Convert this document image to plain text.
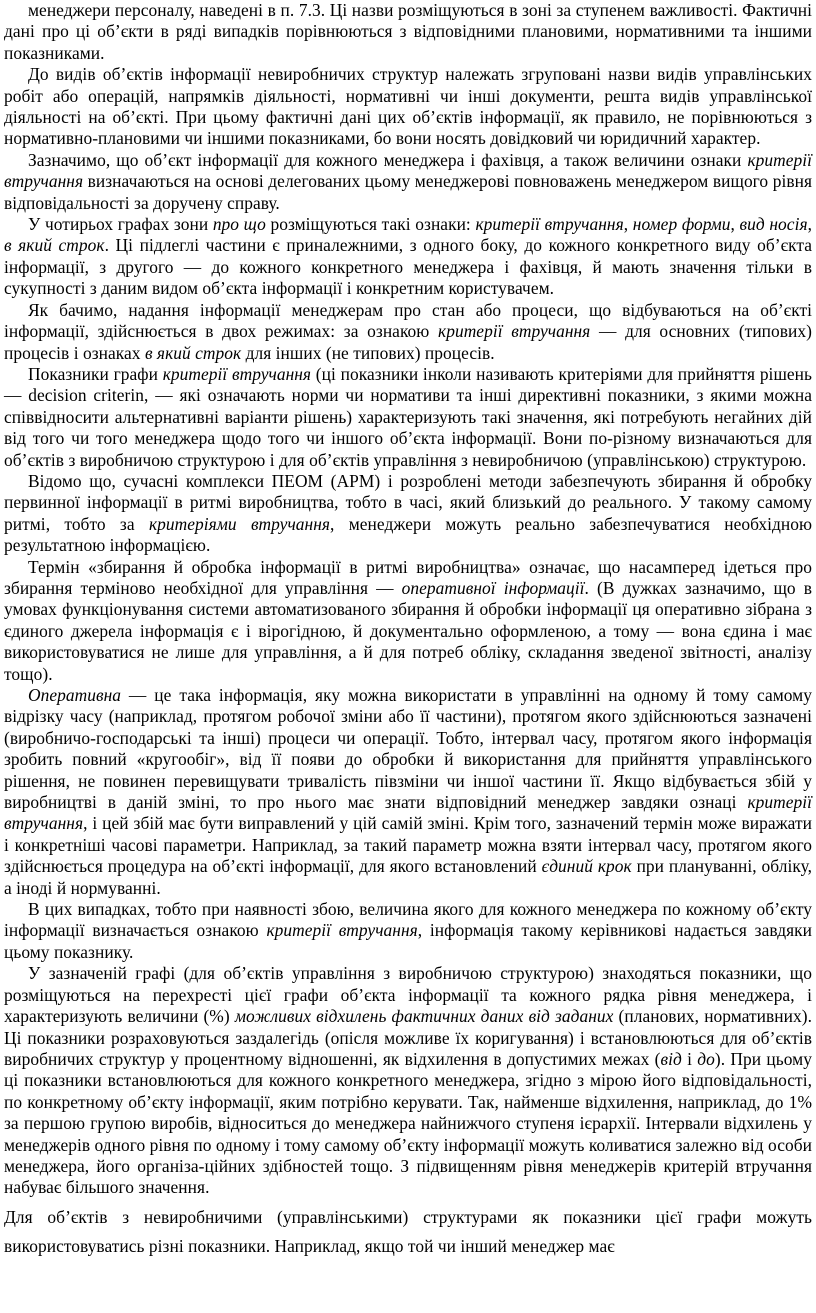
менеджери персоналу, наведені в п. 7.3. Ці назви розміщуються в зоні за ступенем важливості. Фактичні дані про ці об’єкти в ряді випадків порівнюються з відповідними плановими, нормативними та іншими показниками.

До видів об’єктів інформації невиробничих структур належать згруповані назви видів управлінських робіт або операцій, напрямків діяльності, нормативні чи інші документи, решта видів управлінської діяльності на об’єкті. При цьому фактичні дані цих об’єктів інформації, як правило, не порівнюються з нормативно-плановими чи іншими показниками, бо вони носять довідковий чи юридичний характер.

Зазначимо, що об’єкт інформації для кожного менеджера і фахівця, а також величини ознаки критерії втручання визначаються на основі делегованих цьому менеджерові повноважень менеджером вищого рівня відповідальності за доручену справу.

У чотирьох графах зони про що розміщуються такі ознаки: критерії втручання, номер форми, вид носія, в який строк. Ці підлеглі частини є приналежними, з одного боку, до кожного конкретного виду об’єкта інформації, з другого — до кожного конкретного менеджера і фахівця, й мають значення тільки в сукупності з даним видом об’єкта інформації і конкретним користувачем.

Як бачимо, надання інформації менеджерам про стан або процеси, що відбуваються на об’єкті інформації, здійснюється в двох режимах: за ознакою критерії втручання — для основних (типових) процесів і ознаках в який строк для інших (не типових) процесів.

Показники графи критерії втручання (ці показники інколи називають критеріями для прийняття рішень — decision criterin, — які означають норми чи нормативи та інші директивні показники, з якими можна співвідносити альтернативні варіанти рішень) характеризують такі значення, які потребують негайних дій від того чи того менеджера щодо того чи іншого об’єкта інформації. Вони по-різному визначаються для об’єктів з виробничою структурою і для об’єктів управління з невиробничою (управлінською) структурою.

Відомо що, сучасні комплекси ПЕОМ (АРМ) і розроблені методи забезпечують збирання й обробку первинної інформації в ритмі виробництва, тобто в часі, який близький до реального. У такому самому ритмі, тобто за критеріями втручання, менеджери можуть реально забезпечуватися необхідною результатною інформацією.

Термін «збирання й обробка інформації в ритмі виробництва» означає, що насамперед ідеться про збирання терміново необхідної для управління — оперативної інформації. (В дужках зазначимо, що в умовах функціонування системи автоматизованого збирання й обробки інформації ця оперативно зібрана з єдиного джерела інформація є і вірогідною, й документально оформленою, а тому — вона єдина і має використовуватися не лише для управління, а й для потреб обліку, складання зведеної звітності, аналізу тощо).

Оперативна — це така інформація, яку можна використати в управлінні на одному й тому самому відрізку часу (наприклад, протягом робочої зміни або її частини), протягом якого здійснюються зазначені (виробничо-господарські та інші) процеси чи операції. Тобто, інтервал часу, протягом якого інформація зробить повний «кругообіг», від її появи до обробки й використання для прийняття управлінського рішення, не повинен перевищувати тривалість півзміни чи іншої частини її. Якщо відбувається збій у виробництві в даній зміні, то про нього має знати відповідний менеджер завдяки ознаці критерії втручання, і цей збій має бути виправлений у цій самій зміні. Крім того, зазначений термін може виражати і конкретніші часові параметри. Наприклад, за такий параметр можна взяти інтервал часу, протягом якого здійснюється процедура на об’єкті інформації, для якого встановлений єдиний крок при плануванні, обліку, а іноді й нормуванні.

В цих випадках, тобто при наявності збою, величина якого для кожного менеджера по кожному об’єкту інформації визначається ознакою критерії втручання, інформація такому керівникові надається завдяки цьому показнику.

У зазначеній графі (для об’єктів управління з виробничою структурою) знаходяться показники, що розміщуються на перехресті цієї графи об’єкта інформації та кожного рядка рівня менеджера, і характеризують величини (%) можливих відхилень фактичних даних від заданих (планових, нормативних). Ці показники розраховуються заздалегідь (опісля можливе їх коригування) і встановлюються для об’єктів виробничих структур у процентному відношенні, як відхилення в допустимих межах (від і до). При цьому ці показники встановлюються для кожного конкретного менеджера, згідно з мірою його відповідальності, по конкретному об’єкту інформації, яким потрібно керувати. Так, найменше відхилення, наприклад, до 1% за першою групою виробів, відноситься до менеджера найнижчого ступеня ієрархії. Інтервали відхилень у менеджерів одного рівня по одному і тому самому об’єкту інформації можуть коливатися залежно від особи менеджера, його організа-ційних здібностей тощо. З підвищенням рівня менеджерів критерій втручання набуває більшого значення.

Для об’єктів з невиробничими (управлінськими) структурами як показники цієї графи можуть використовуватись різні показники. Наприклад, якщо той чи інший менеджер має
